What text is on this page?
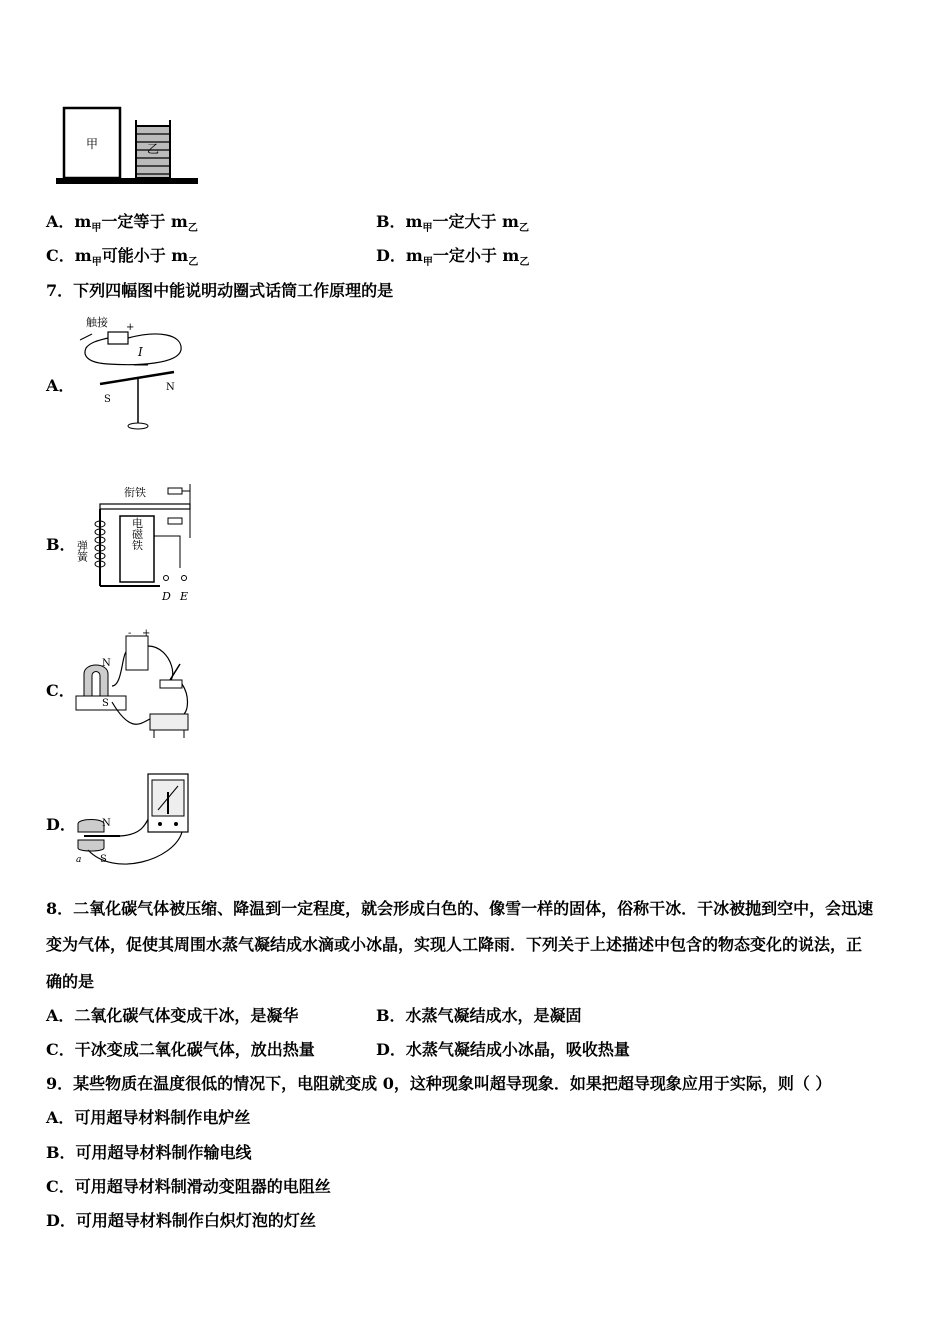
甲	乙
A．$m_甲$一定等于 $m_乙$	B．$m_甲$一定大于 $m_乙$
C．$m_甲$可能小于 $m_乙$	D．$m_甲$一定小于 $m_乙$
7．下列四幅图中能说明动圈式话筒工作原理的是
A．
触接 +
I
S
N
B．
衔铁
弹簧
电磁铁
D E
C．
N
S
- +
D．	N
S
a
8．二氧化碳气体被压缩、降温到一定程度，就会形成白色的、像雪一样的固体，俗称干冰．干冰被抛到空中，会迅速
变为气体，促使其周围水蒸气凝结成水滴或小冰晶，实现人工降雨．下列关于上述描述中包含的物态变化的说法，正
确的是
A．二氧化碳气体变成干冰，是凝华	B．水蒸气凝结成水，是凝固
C．干冰变成二氧化碳气体，放出热量	D．水蒸气凝结成小冰晶，吸收热量
9．某些物质在温度很低的情况下，电阻就变成 0，这种现象叫超导现象．如果把超导现象应用于实际，则（ ）
A．可用超导材料制作电炉丝
B．可用超导材料制作输电线
C．可用超导材料制滑动变阻器的电阻丝
D．可用超导材料制作白炽灯泡的灯丝
